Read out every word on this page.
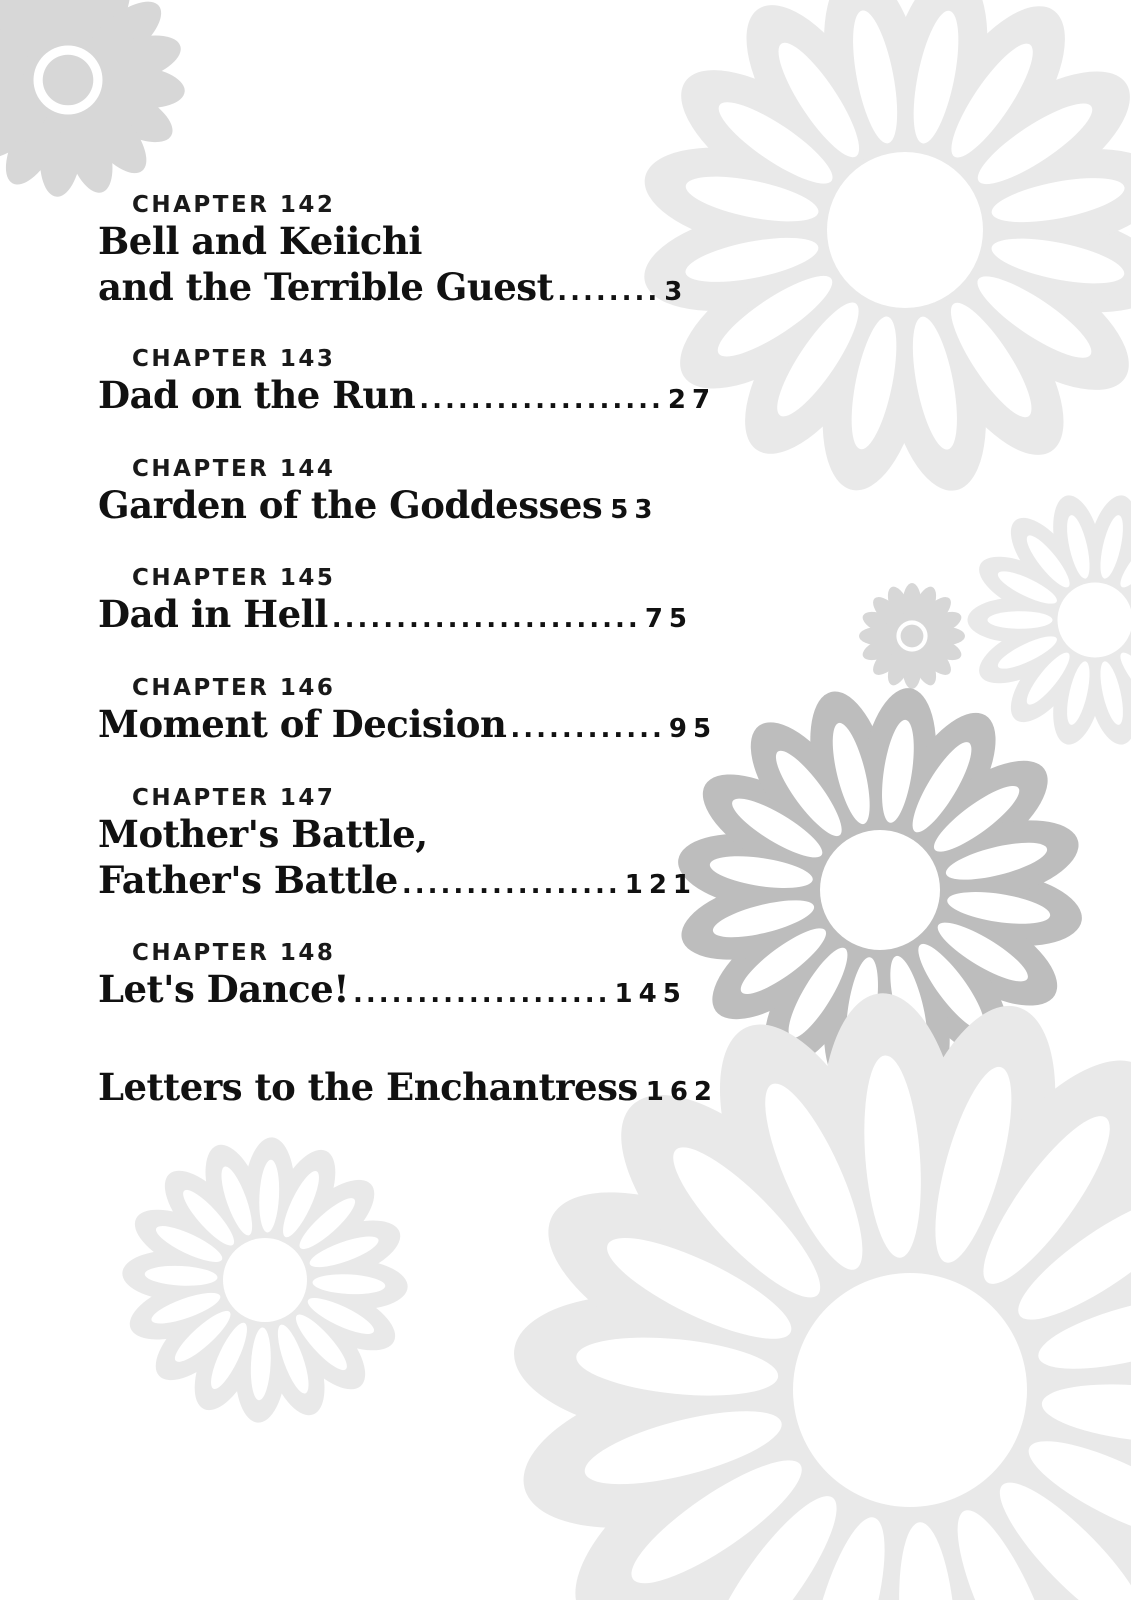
CHAPTER 142
Bell and Keiichi
and the Terrible Guest ........ 3
CHAPTER 143
Dad on the Run ................... 27
CHAPTER 144
Garden of the Goddesses 53
CHAPTER 145
Dad in Hell ........................ 75
CHAPTER 146
Moment of Decision ............ 95
CHAPTER 147
Mother's Battle,
Father's Battle ................. 121
CHAPTER 148
Let's Dance! .................... 145
Letters to the Enchantress 162
